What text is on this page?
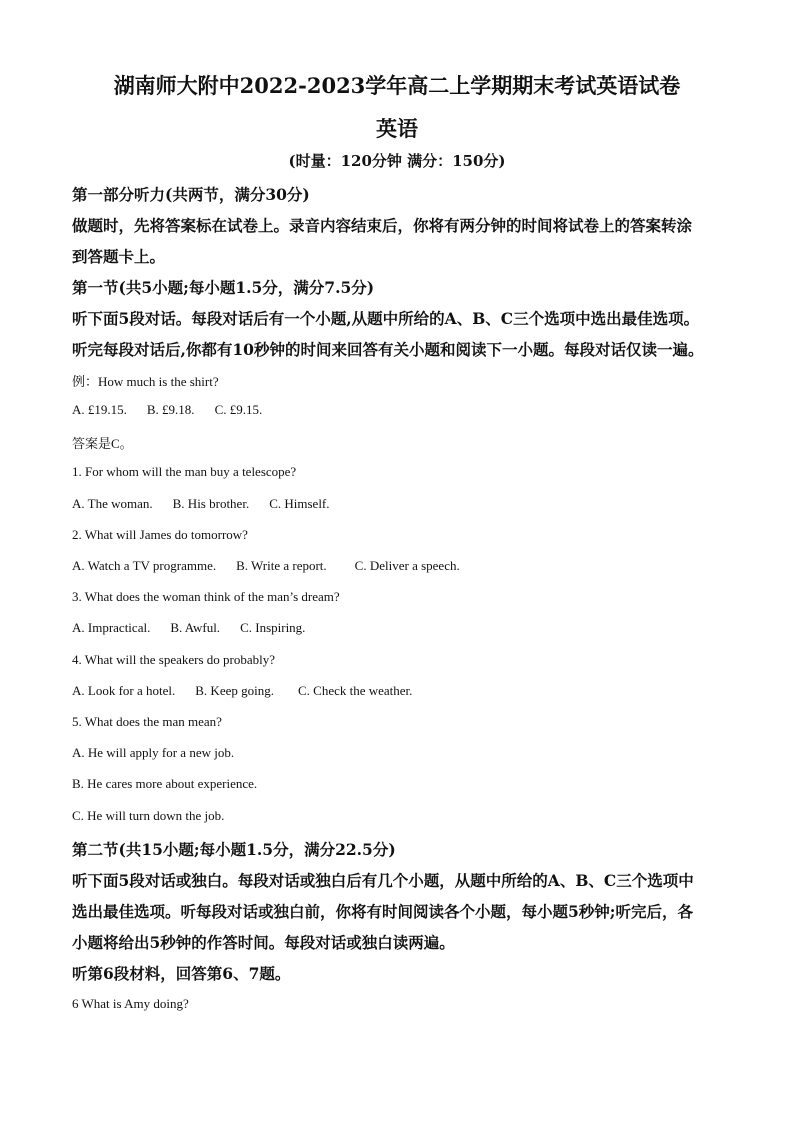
湖南师大附中2022-2023学年高二上学期期末考试英语试卷
英语
(时量：120分钟 满分：150分)
第一部分听力(共两节，满分30分)
做题时，先将答案标在试卷上。录音内容结束后，你将有两分钟的时间将试卷上的答案转涂
到答题卡上。
第一节(共5小题;每小题1.5分，满分7.5分)
听下面5段对话。每段对话后有一个小题,从题中所给的A、B、C三个选项中选出最佳选项。
听完每段对话后,你都有10秒钟的时间来回答有关小题和阅读下一小题。每段对话仅读一遍。
例：How much is the shirt?
A. £19.15. B. £9.18. C. £9.15.
答案是C。
1. For whom will the man buy a telescope?
A. The woman. B. His brother. C. Himself.
2. What will James do tomorrow?
A. Watch a TV programme. B. Write a report. C. Deliver a speech.
3. What does the woman think of the man’s dream?
A. Impractical. B. Awful. C. Inspiring.
4. What will the speakers do probably?
A. Look for a hotel. B. Keep going. C. Check the weather.
5. What does the man mean?
A. He will apply for a new job.
B. He cares more about experience.
C. He will turn down the job.
第二节(共15小题;每小题1.5分，满分22.5分)
听下面5段对话或独白。每段对话或独白后有几个小题，从题中所给的A、B、C三个选项中
选出最佳选项。听每段对话或独白前，你将有时间阅读各个小题，每小题5秒钟;听完后，各
小题将给出5秒钟的作答时间。每段对话或独白读两遍。
听第6段材料，回答第6、7题。
6 What is Amy doing?
